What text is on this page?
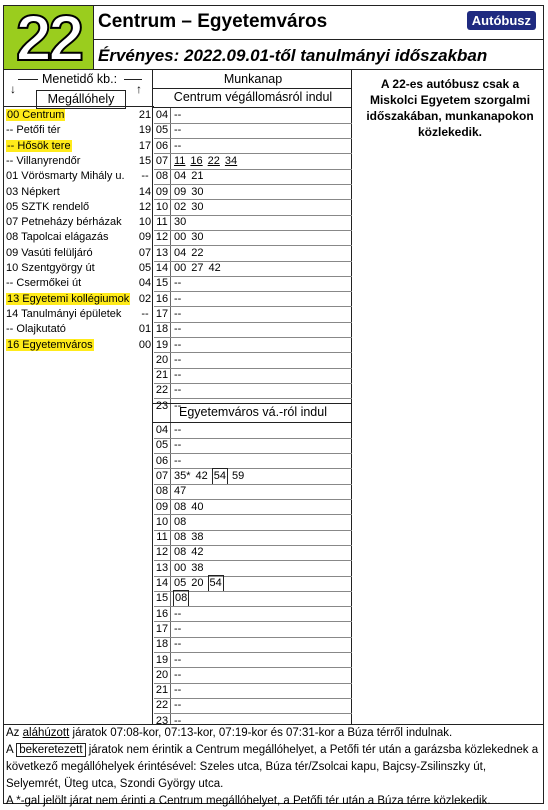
22 Centrum – Egyetemváros	Autóbusz
Érvényes: 2022.09.01-től tanulmányi időszakban
Menetidő kb.:
↓	↑
Megállóhely
Munkanap
00 Centrum	21
-- Petőfi tér	19
-- Hősök tere	17
-- Villanyrendőr	15
01 Vörösmarty Mihály u.	--
03 Népkert	14
05 SZTK rendelő	12
07 Petneházy bérházak 10
08 Tapolcai elágazás	09
09 Vasúti felüljáró	07
10 Szentgyörgy út	05
-- Csermőkei út	04
13 Egyetemi kollégiumok 02
14 Tanulmányi épületek	--
-- Olajkutató	01
16 Egyetemváros	00
Centrum végállomásról indul
04 --
05 --
06 --
07 11 16 22 34
08 04 21
09 09 30
10 02 30
11 30
12 00 30
13 04 22
14 00 27 42
15 --
16 --
17 --
18 --
19 --
20 --
21 --
22 --
23 --
Egyetemváros vá.-ról indul
04 --
05 --
06 --
07 35* 42 54 59
08 47
09 08 40
10 08
11 08 38
12 08 42
13 00 38
14 05 20 54
15 08
16 --
17 --
18 --
19 --
20 --
21 --
22 --
23 --
A 22-es autóbusz csak a Miskolci Egyetem szorgalmi időszakában, munkanapokon közlekedik.
Az aláhúzott járatok 07:08-kor, 07:13-kor, 07:19-kor és 07:31-kor a Búza térről indulnak.
A bekeretezett járatok nem érintik a Centrum megállóhelyet, a Petőfi tér után a garázsba közlekednek a következő megállóhelyek érintésével: Szeles utca, Búza tér/Zsolcai kapu, Bajcsy-Zsilinszky út, Selyemrét, Üteg utca, Szondi György utca.
A *-gal jelölt járat nem érinti a Centrum megállóhelyet, a Petőfi tér után a Búza térre közlekedik.
